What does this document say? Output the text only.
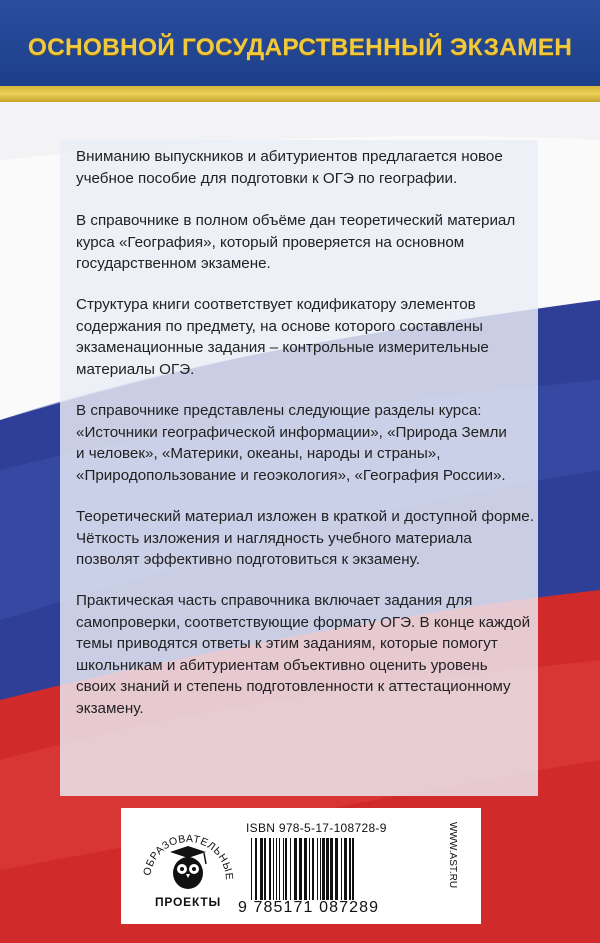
ОСНОВНОЙ ГОСУДАРСТВЕННЫЙ ЭКЗАМЕН
Вниманию выпускников и абитуриентов предлагается новое
учебное пособие для подготовки к ОГЭ по географии.
В справочнике в полном объёме дан теоретический материал
курса «География», который проверяется на основном
государственном экзамене.
Структура книги соответствует кодификатору элементов
содержания по предмету, на основе которого составлены
экзаменационные задания – контрольные измерительные
материалы ОГЭ.
В справочнике представлены следующие разделы курса:
«Источники географической информации», «Природа Земли
и человек», «Материки, океаны, народы и страны»,
«Природопользование и геоэкология», «География России».
Теоретический материал изложен в краткой и доступной форме.
Чёткость изложения и наглядность учебного материала
позволят эффективно подготовиться к экзамену.
Практическая часть справочника включает задания для
самопроверки, соответствующие формату ОГЭ. В конце каждой
темы приводятся ответы к этим заданиям, которые помогут
школьникам и абитуриентам объективно оценить уровень
своих знаний и степень подготовленности к аттестационному
экзамену.
ОБРАЗОВАТЕЛЬНЫЕ
ПРОЕКТЫ
ISBN 978-5-17-108728-9
9 785171 087289
WWW.AST.RU
